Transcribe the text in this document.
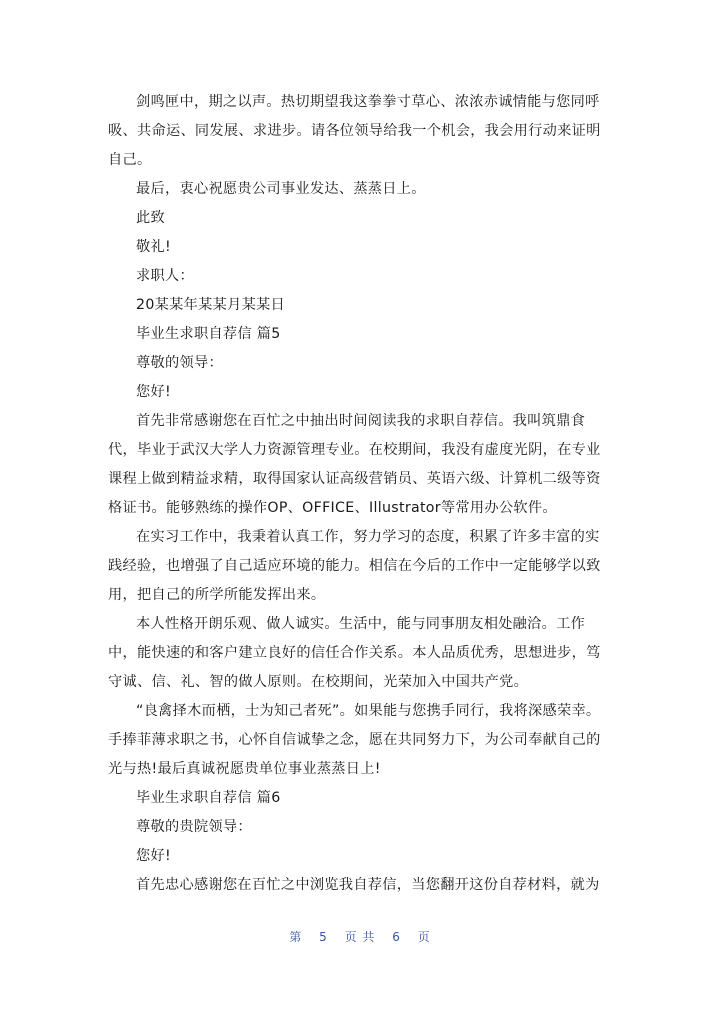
剑鸣匣中，期之以声。热切期望我这拳拳寸草心、浓浓赤诚情能与您同呼
吸、共命运、同发展、求进步。请各位领导给我一个机会，我会用行动来证明
自己。
最后，衷心祝愿贵公司事业发达、蒸蒸日上。
此致
敬礼!
求职人：
20某某年某某月某某日
毕业生求职自荐信 篇5
尊敬的领导：
您好!
首先非常感谢您在百忙之中抽出时间阅读我的求职自荐信。我叫筑鼎食
代，毕业于武汉大学人力资源管理专业。在校期间，我没有虚度光阴，在专业
课程上做到精益求精，取得国家认证高级营销员、英语六级、计算机二级等资
格证书。能够熟练的操作OP、OFFICE、Illustrator等常用办公软件。
在实习工作中，我秉着认真工作，努力学习的态度，积累了许多丰富的实
践经验，也增强了自己适应环境的能力。相信在今后的工作中一定能够学以致
用，把自己的所学所能发挥出来。
本人性格开朗乐观、做人诚实。生活中，能与同事朋友相处融洽。工作
中，能快速的和客户建立良好的信任合作关系。本人品质优秀，思想进步，笃
守诚、信、礼、智的做人原则。在校期间，光荣加入中国共产党。
“良禽择木而栖，士为知己者死”。如果能与您携手同行，我将深感荣幸。
手捧菲薄求职之书，心怀自信诚挚之念，愿在共同努力下，为公司奉献自己的
光与热!最后真诚祝愿贵单位事业蒸蒸日上!
毕业生求职自荐信 篇6
尊敬的贵院领导：
您好!
首先忠心感谢您在百忙之中浏览我自荐信，当您翻开这份自荐材料，就为
第 5 页 共 6 页
